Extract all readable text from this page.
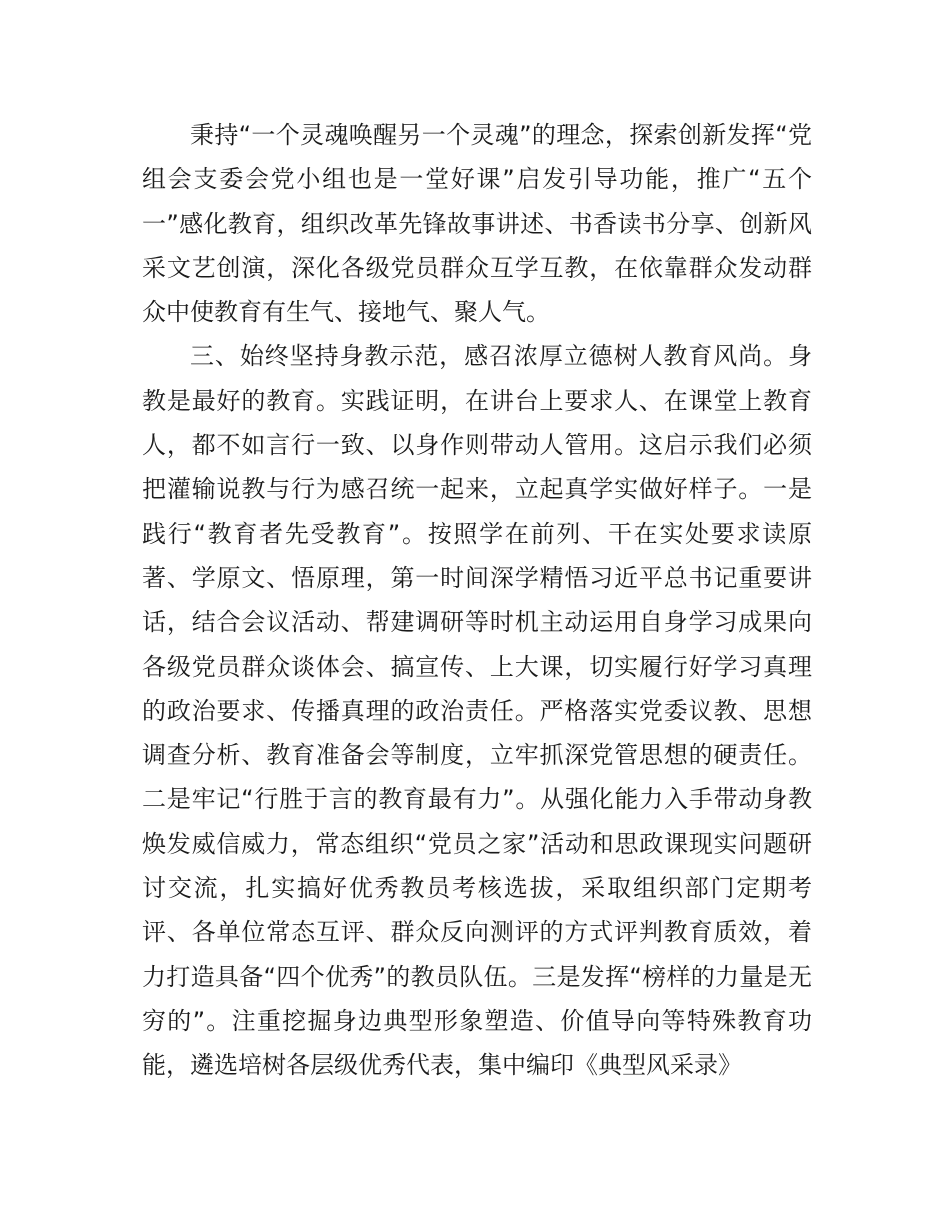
秉持“一个灵魂唤醒另一个灵魂”的理念，探索创新发挥“党组会支委会党小组也是一堂好课”启发引导功能，推广“五个一”感化教育，组织改革先锋故事讲述、书香读书分享、创新风采文艺创演，深化各级党员群众互学互教，在依靠群众发动群众中使教育有生气、接地气、聚人气。

三、始终坚持身教示范，感召浓厚立德树人教育风尚。身教是最好的教育。实践证明，在讲台上要求人、在课堂上教育人，都不如言行一致、以身作则带动人管用。这启示我们必须把灌输说教与行为感召统一起来，立起真学实做好样子。一是践行“教育者先受教育”。按照学在前列、干在实处要求读原著、学原文、悟原理，第一时间深学精悟习近平总书记重要讲话，结合会议活动、帮建调研等时机主动运用自身学习成果向各级党员群众谈体会、搞宣传、上大课，切实履行好学习真理的政治要求、传播真理的政治责任。严格落实党委议教、思想调查分析、教育准备会等制度，立牢抓深党管思想的硬责任。二是牢记“行胜于言的教育最有力”。从强化能力入手带动身教焕发威信威力，常态组织“党员之家”活动和思政课现实问题研讨交流，扎实搞好优秀教员考核选拔，采取组织部门定期考评、各单位常态互评、群众反向测评的方式评判教育质效，着力打造具备“四个优秀”的教员队伍。三是发挥“榜样的力量是无穷的”。注重挖掘身边典型形象塑造、价值导向等特殊教育功能，遴选培树各层级优秀代表，集中编印《典型风采录》
